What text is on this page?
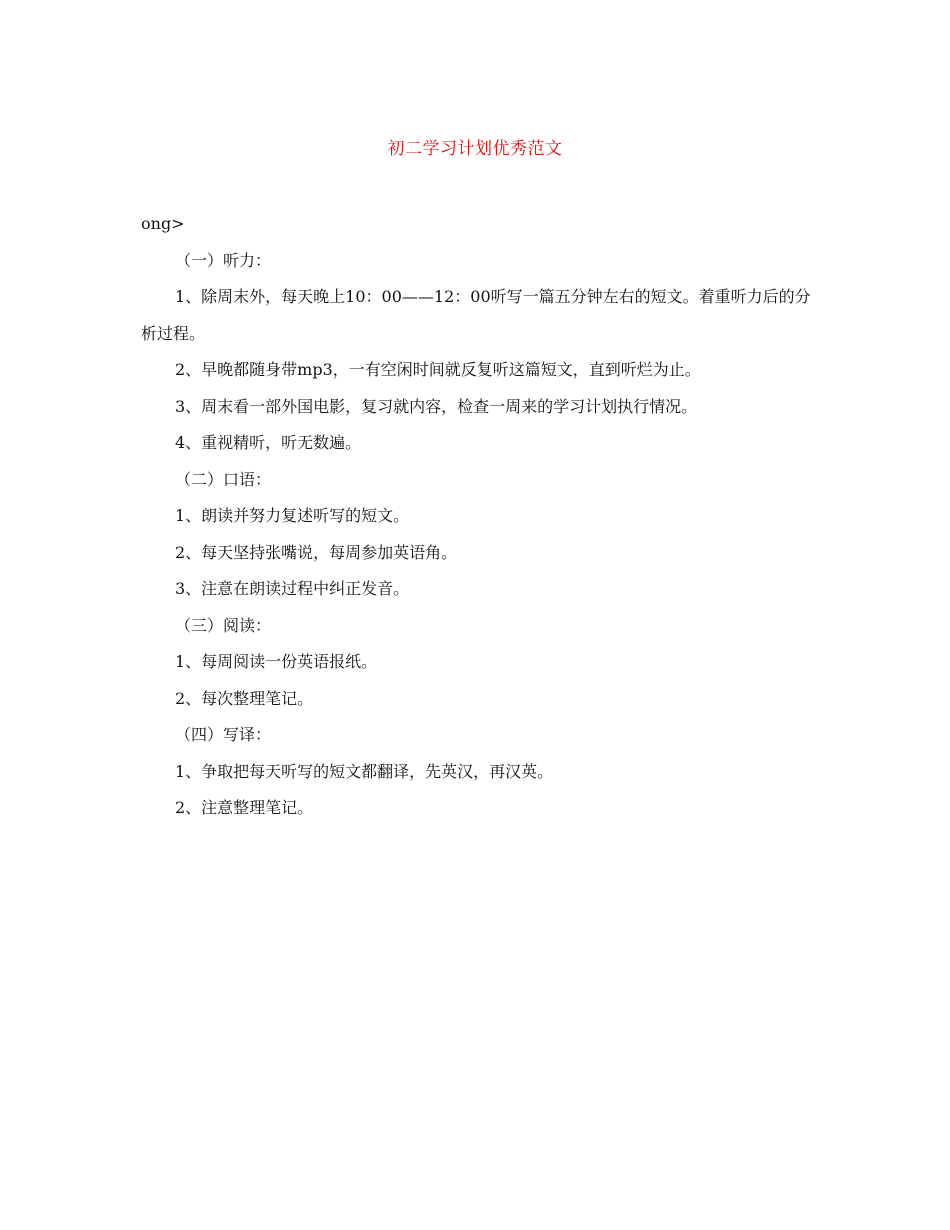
初二学习计划优秀范文

ong>

（一）听力：

1、除周末外，每天晚上10：00——12：00听写一篇五分钟左右的短文。着重听力后的分析过程。

2、早晚都随身带mp3，一有空闲时间就反复听这篇短文，直到听烂为止。

3、周末看一部外国电影，复习就内容，检查一周来的学习计划执行情况。

4、重视精听，听无数遍。

（二）口语：

1、朗读并努力复述听写的短文。

2、每天坚持张嘴说，每周参加英语角。

3、注意在朗读过程中纠正发音。

（三）阅读：

1、每周阅读一份英语报纸。

2、每次整理笔记。

（四）写译：

1、争取把每天听写的短文都翻译，先英汉，再汉英。

2、注意整理笔记。
